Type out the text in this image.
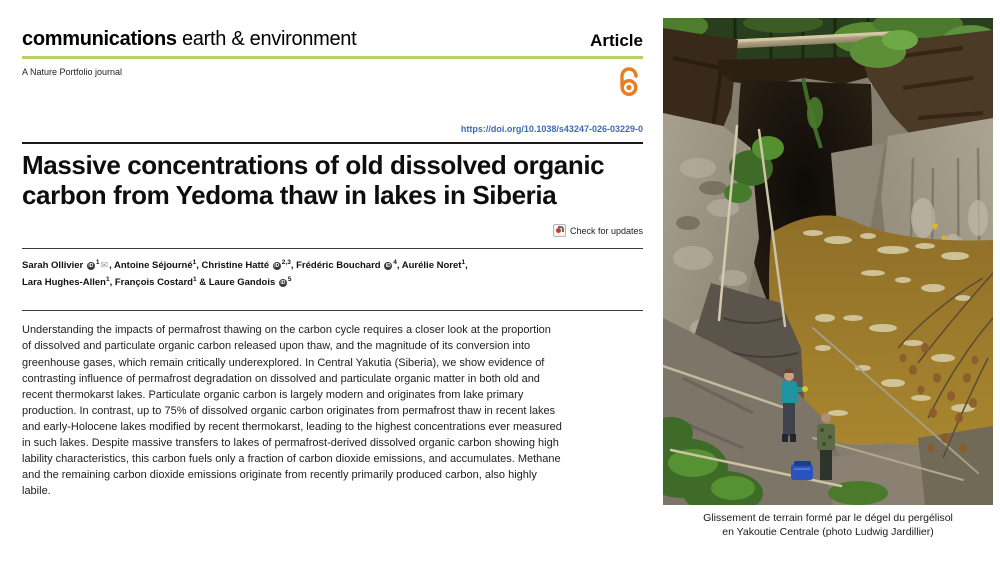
communications earth & environment	Article
A Nature Portfolio journal
https://doi.org/10.1038/s43247-026-03229-0
Massive concentrations of old dissolved organic carbon from Yedoma thaw in lakes in Siberia
Check for updates
Sarah Ollivier $iD^1✉$, Antoine Séjourné$^1$, Christine Hatté iD$^{2,3}$, Frédéric Bouchard $iD^4$, Aurélie Noret$^1$,
Lara Hughes-Allen$^1$, François Costard$^1$ & Laure Gandois $iD^5$

Understanding the impacts of permafrost thawing on the carbon cycle requires a closer look at the proportion of dissolved and particulate organic carbon released upon thaw, and the magnitude of its conversion into greenhouse gases, which remain critically underexplored. In Central Yakutia (Siberia), we show evidence of contrasting influence of permafrost degradation on dissolved and particulate organic matter in both old and recent thermokarst lakes. Particulate organic carbon is largely modern and originates from lake primary production. In contrast, up to 75% of dissolved organic carbon originates from permafrost thaw in recent lakes and early-Holocene lakes modified by recent thermokarst, leading to the highest concentrations ever measured in such lakes. Despite massive transfers to lakes of permafrost-derived dissolved organic carbon showing high lability characteristics, this carbon fuels only a fraction of carbon dioxide emissions, and accumulates. Methane and the remaining carbon dioxide emissions originate from recently primarily produced carbon, also highly labile.

Glissement de terrain formé par le dégel du pergélisol
en Yakoutie Centrale (photo Ludwig Jardillier)
